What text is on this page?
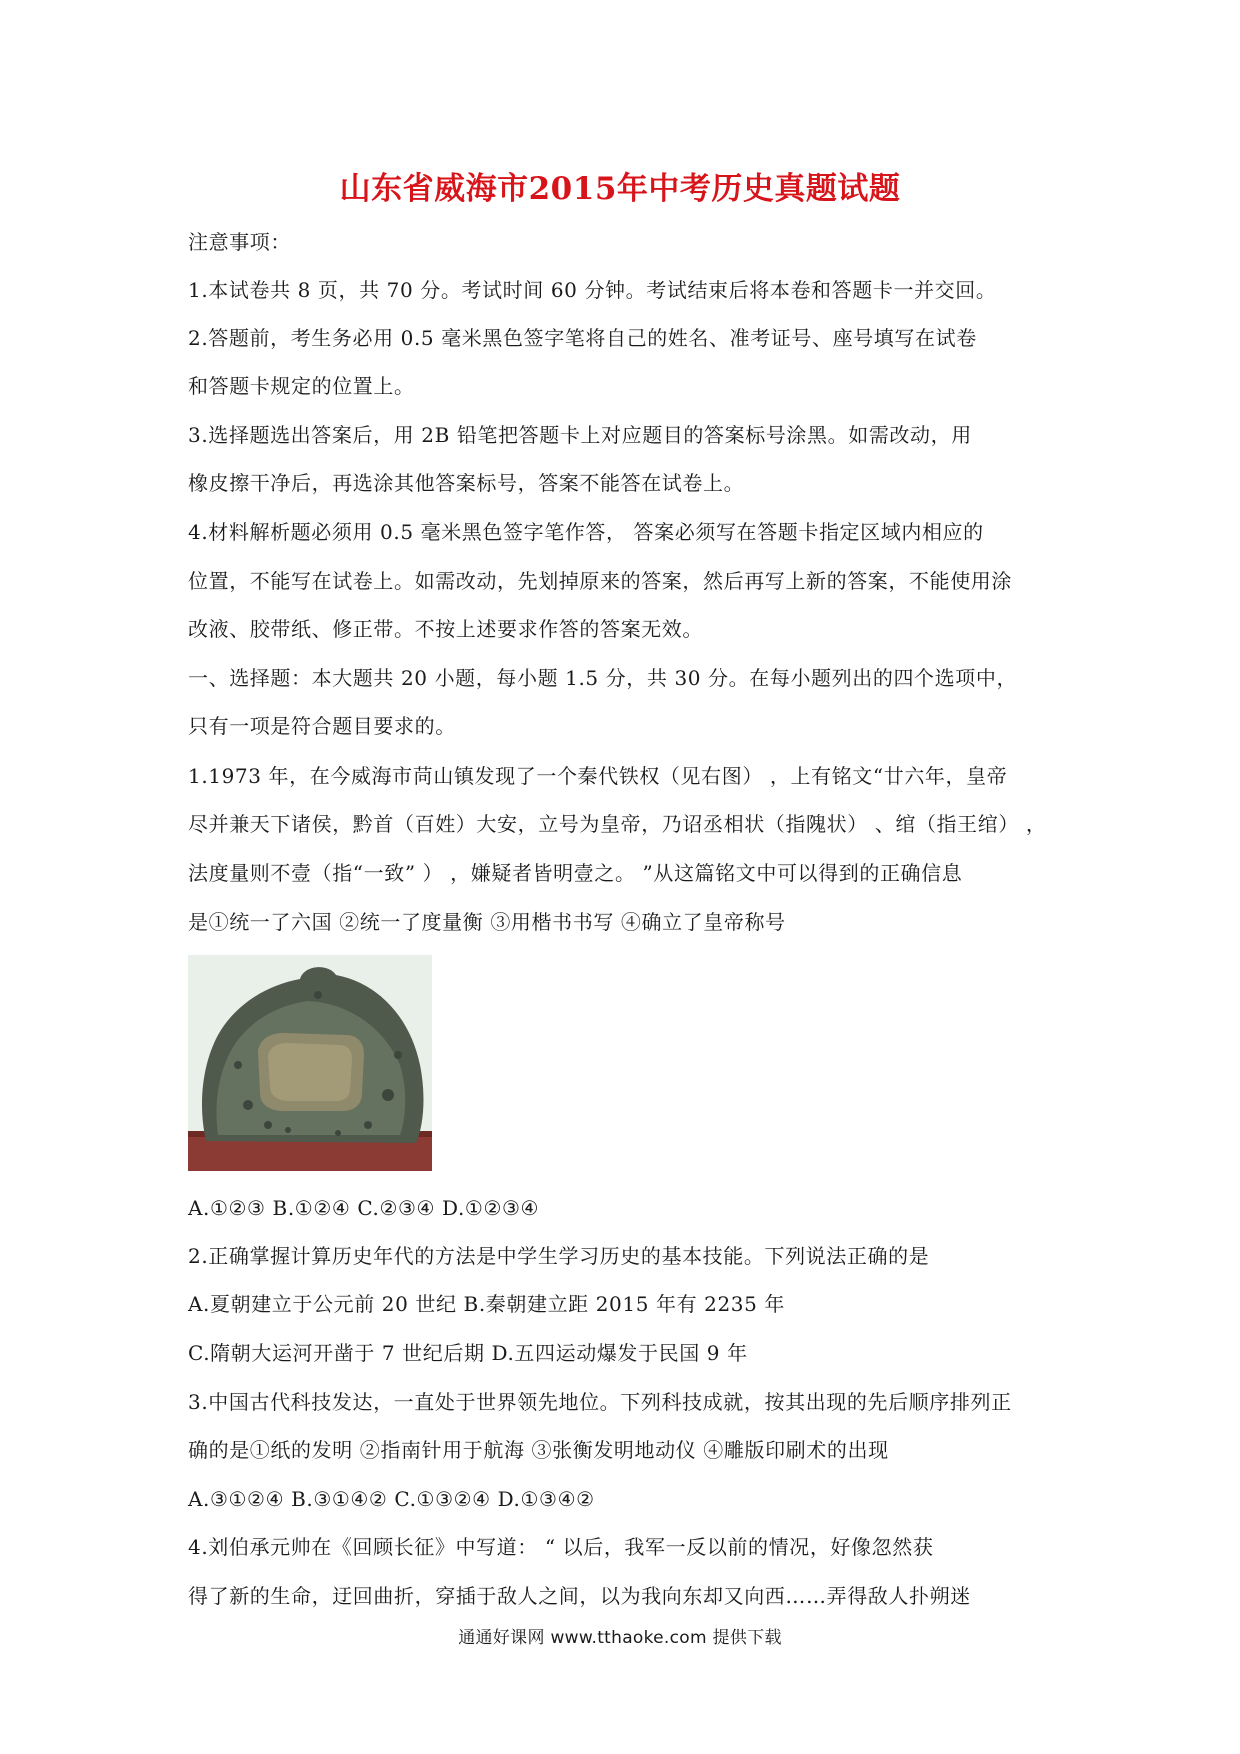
山东省威海市2015年中考历史真题试题
注意事项：
1.本试卷共 8 页，共 70 分。考试时间 60 分钟。考试结束后将本卷和答题卡一并交回。
2.答题前，考生务必用 0.5 毫米黑色签字笔将自己的姓名、准考证号、座号填写在试卷
和答题卡规定的位置上。
3.选择题选出答案后，用 2B 铅笔把答题卡上对应题目的答案标号涂黑。如需改动，用
橡皮擦干净后，再选涂其他答案标号，答案不能答在试卷上。
4.材料解析题必须用 0.5 毫米黑色签字笔作答， 答案必须写在答题卡指定区域内相应的
位置，不能写在试卷上。如需改动，先划掉原来的答案，然后再写上新的答案，不能使用涂
改液、胶带纸、修正带。不按上述要求作答的答案无效。
一、选择题：本大题共 20 小题，每小题 1.5 分，共 30 分。在每小题列出的四个选项中，
只有一项是符合题目要求的。
1.1973 年，在今威海市苘山镇发现了一个秦代铁权（见右图） ，上有铭文“廿六年，皇帝
尽并兼天下诸侯，黔首（百姓）大安，立号为皇帝，乃诏丞相状（指隗状） 、绾（指王绾） ，
法度量则不壹（指“一致” ） ，嫌疑者皆明壹之。 ”从这篇铭文中可以得到的正确信息
是①统一了六国 ②统一了度量衡 ③用楷书书写 ④确立了皇帝称号
A.①②③ B.①②④ C.②③④ D.①②③④
2.正确掌握计算历史年代的方法是中学生学习历史的基本技能。下列说法正确的是
A.夏朝建立于公元前 20 世纪 B.秦朝建立距 2015 年有 2235 年
C.隋朝大运河开凿于 7 世纪后期 D.五四运动爆发于民国 9 年
3.中国古代科技发达，一直处于世界领先地位。下列科技成就，按其出现的先后顺序排列正
确的是①纸的发明 ②指南针用于航海 ③张衡发明地动仪 ④雕版印刷术的出现
A.③①②④ B.③①④② C.①③②④ D.①③④②
4.刘伯承元帅在《回顾长征》中写道： “ 以后，我军一反以前的情况，好像忽然获
得了新的生命，迂回曲折，穿插于敌人之间，以为我向东却又向西……弄得敌人扑朔迷
通通好课网 www.tthaoke.com 提供下载
